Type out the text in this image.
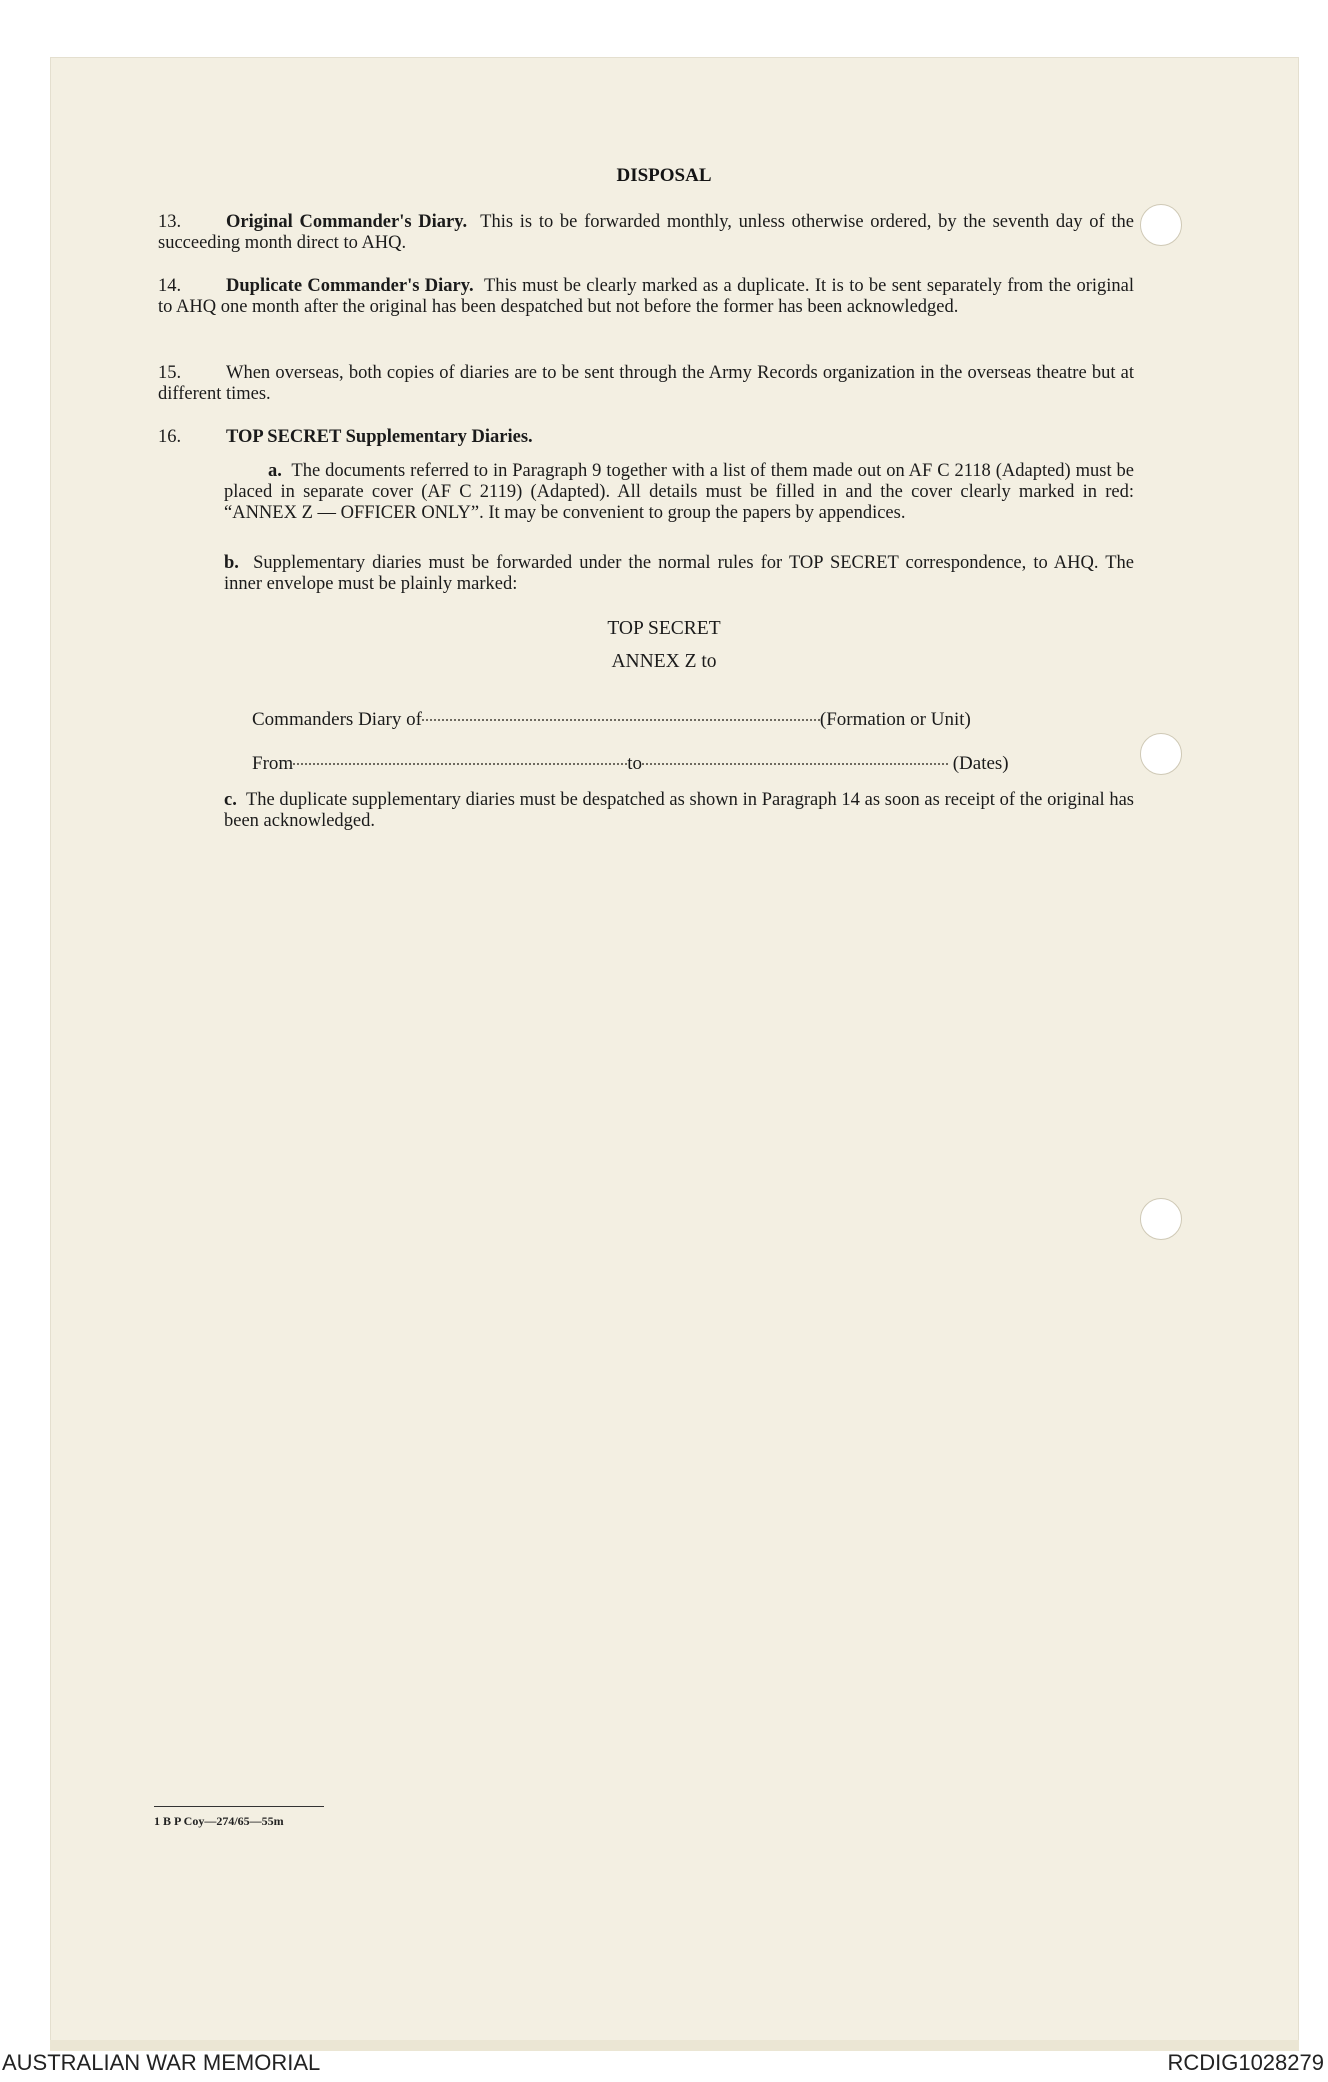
DISPOSAL
13. Original Commander's Diary. This is to be forwarded monthly, unless otherwise ordered, by the seventh day of the succeeding month direct to AHQ.
14. Duplicate Commander's Diary. This must be clearly marked as a duplicate. It is to be sent separately from the original to AHQ one month after the original has been despatched but not before the former has been acknowledged.
15. When overseas, both copies of diaries are to be sent through the Army Records organization in the overseas theatre but at different times.
16. TOP SECRET Supplementary Diaries.
a. The documents referred to in Paragraph 9 together with a list of them made out on AF C 2118 (Adapted) must be placed in separate cover (AF C 2119) (Adapted). All details must be filled in and the cover clearly marked in red: “ANNEX Z — OFFICER ONLY”. It may be convenient to group the papers by appendices.
b. Supplementary diaries must be forwarded under the normal rules for TOP SECRET correspondence, to AHQ. The inner envelope must be plainly marked:
TOP SECRET
ANNEX Z to
Commanders Diary of	(Formation or Unit)
From	to	(Dates)
c. The duplicate supplementary diaries must be despatched as shown in Paragraph 14 as soon as receipt of the original has been acknowledged.
1 B P Coy—274/65—55m
AUSTRALIAN WAR MEMORIAL	RCDIG1028279
